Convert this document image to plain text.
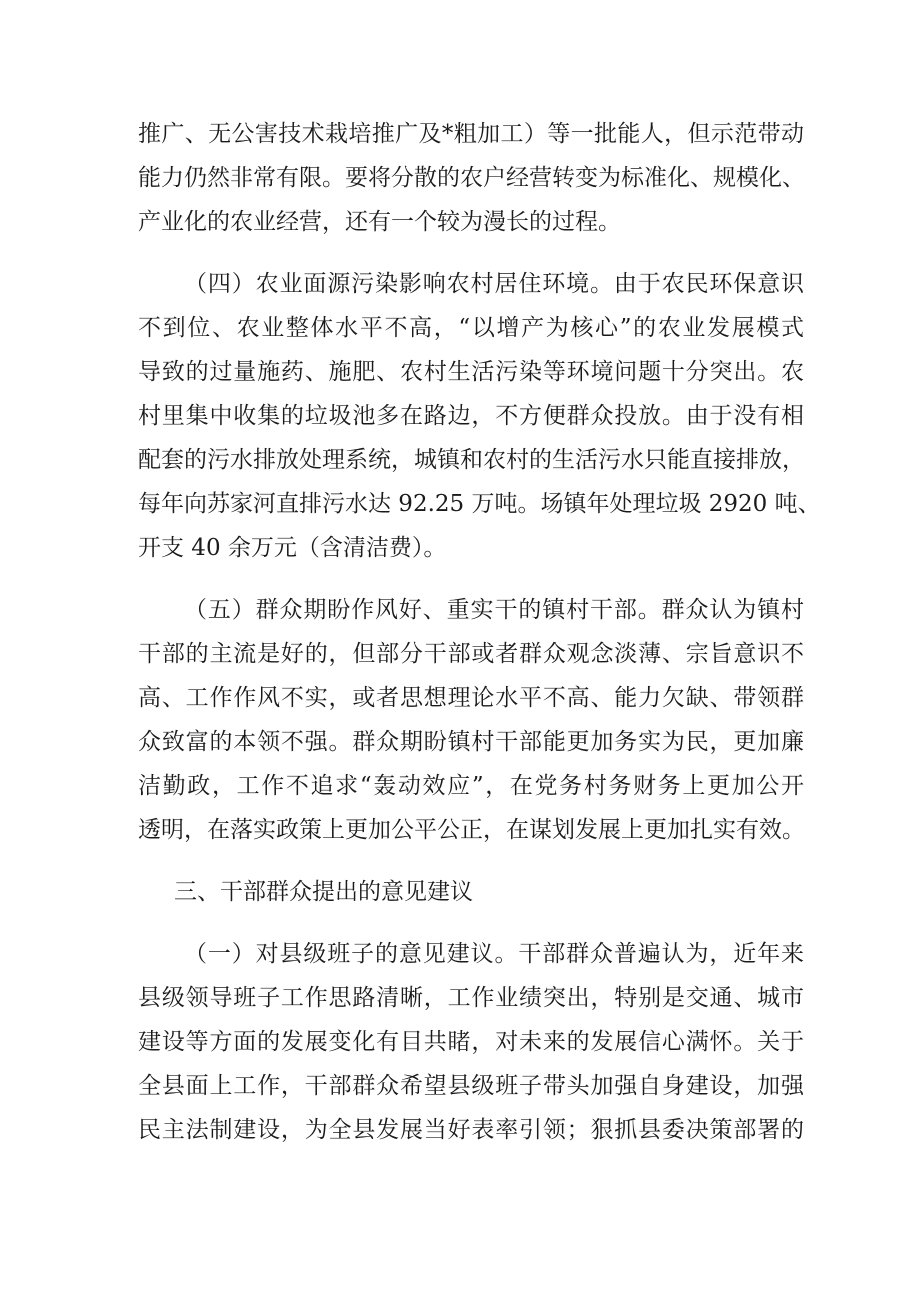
推广、无公害技术栽培推广及*粗加工）等一批能人，但示范带动
能力仍然非常有限。要将分散的农户经营转变为标准化、规模化、
产业化的农业经营，还有一个较为漫长的过程。
（四）农业面源污染影响农村居住环境。由于农民环保意识
不到位、农业整体水平不高，“以增产为核心”的农业发展模式
导致的过量施药、施肥、农村生活污染等环境问题十分突出。农
村里集中收集的垃圾池多在路边，不方便群众投放。由于没有相
配套的污水排放处理系统，城镇和农村的生活污水只能直接排放，
每年向苏家河直排污水达 92.25 万吨。场镇年处理垃圾 2920 吨、
开支 40 余万元（含清洁费）。
（五）群众期盼作风好、重实干的镇村干部。群众认为镇村
干部的主流是好的，但部分干部或者群众观念淡薄、宗旨意识不
高、工作作风不实，或者思想理论水平不高、能力欠缺、带领群
众致富的本领不强。群众期盼镇村干部能更加务实为民，更加廉
洁勤政，工作不追求“轰动效应”，在党务村务财务上更加公开
透明，在落实政策上更加公平公正，在谋划发展上更加扎实有效。
三、干部群众提出的意见建议
（一）对县级班子的意见建议。干部群众普遍认为，近年来
县级领导班子工作思路清晰，工作业绩突出，特别是交通、城市
建设等方面的发展变化有目共睹，对未来的发展信心满怀。关于
全县面上工作，干部群众希望县级班子带头加强自身建设，加强
民主法制建设，为全县发展当好表率引领；狠抓县委决策部署的
